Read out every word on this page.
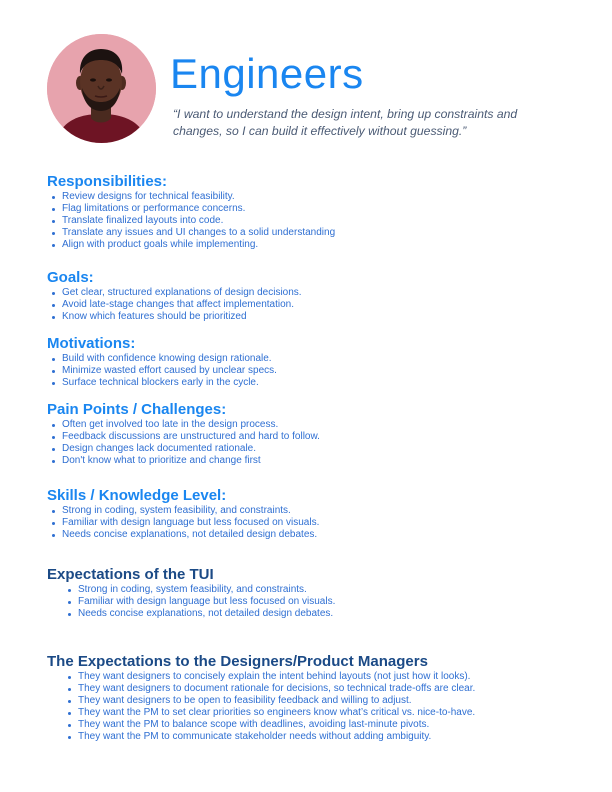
Engineers
“I want to understand the design intent, bring up constraints and changes, so I can build it effectively without guessing.”
Responsibilities:
Review designs for technical feasibility.
Flag limitations or performance concerns.
Translate finalized layouts into code.
Translate any issues and UI changes to a solid understanding
Align with product goals while implementing.
Goals:
Get clear, structured explanations of design decisions.
Avoid late-stage changes that affect implementation.
Know which features should be prioritized
Motivations:
Build with confidence knowing design rationale.
Minimize wasted effort caused by unclear specs.
Surface technical blockers early in the cycle.
Pain Points / Challenges:
Often get involved too late in the design process.
Feedback discussions are unstructured and hard to follow.
Design changes lack documented rationale.
Don't know what to prioritize and change first
Skills / Knowledge Level:
Strong in coding, system feasibility, and constraints.
Familiar with design language but less focused on visuals.
Needs concise explanations, not detailed design debates.
Expectations of the TUI
Strong in coding, system feasibility, and constraints.
Familiar with design language but less focused on visuals.
Needs concise explanations, not detailed design debates.
The Expectations to the Designers/Product Managers
They want designers to concisely explain the intent behind layouts (not just how it looks).
They want designers to document rationale for decisions, so technical trade-offs are clear.
They want designers to be open to feasibility feedback and willing to adjust.
They want the PM to set clear priorities so engineers know what’s critical vs. nice-to-have.
They want the PM to balance scope with deadlines, avoiding last-minute pivots.
They want the PM to communicate stakeholder needs without adding ambiguity.
